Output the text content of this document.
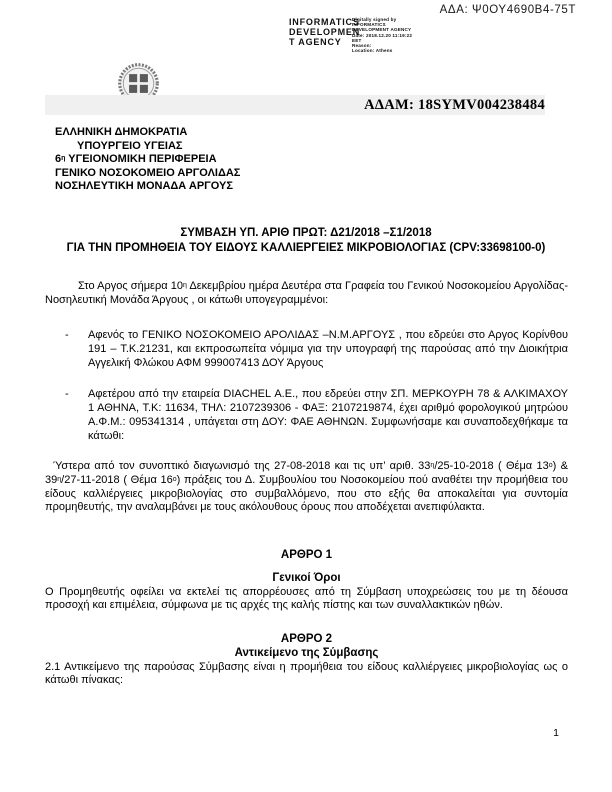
ΑΔΑ: Ψ0ΟΥ4690Β4-75Τ
INFORMATICS
DEVELOPMEN
T AGENCY
Digitally signed by
INFORMATICS
DEVELOPMENT AGENCY
Date: 2018.12.20 11:19:22
EET
Reason:
Location: Athens
ΑΔΑΜ: 18SYMV004238484
ΕΛΛΗΝΙΚΗ ΔΗΜΟΚΡΑΤΙΑ
ΥΠΟΥΡΓΕΙΟ ΥΓΕΙΑΣ
$6^\eta$ ΥΓΕΙΟΝΟΜΙΚΗ ΠΕΡΙΦΕΡΕΙΑ
ΓΕΝΙΚΟ ΝΟΣΟΚΟΜΕΙΟ ΑΡΓΟΛΙΔΑΣ
ΝΟΣΗΛΕΥΤΙΚΗ ΜΟΝΑΔΑ ΑΡΓΟΥΣ
ΣΥΜΒΑΣΗ ΥΠ. ΑΡΙΘ ΠΡΩΤ: Δ21/2018 –Σ1/2018
ΓΙΑ ΤΗΝ ΠΡΟΜΗΘΕΙΑ ΤΟΥ ΕΙΔΟΥΣ ΚΑΛΛΙΕΡΓΕΙΕΣ ΜΙΚΡΟΒΙΟΛΟΓΙΑΣ (CPV:33698100-0)
Στο Αργος σήμερα $10^\eta$ Δεκεμβρίου ημέρα Δευτέρα στα Γραφεία του Γενικού Νοσοκομείου Αργολίδας-Νοσηλευτική Μονάδα Άργους , οι κάτωθι υπογεγραμμένοι:
- Αφενός το ΓΕΝΙΚΟ ΝΟΣΟΚΟΜΕΙΟ ΑΡΟΛΙΔΑΣ –Ν.Μ.ΑΡΓΟΥΣ , που εδρεύει στο Αργος Κορίνθου 191 – Τ.Κ.21231, και εκπροσωπείτα νόμιμα για την υπογραφή της παρούσας από την Διοικήτρια Αγγελική Φλώκου ΑΦΜ 999007413 ΔΟΥ Άργους
- Αφετέρου από την εταιρεία DIACHEL Α.Ε., που εδρεύει στην ΣΠ. ΜΕΡΚΟΥΡΗ 78 & ΑΛΚΙΜΑΧΟΥ 1 ΑΘΗΝΑ, Τ.Κ: 11634, ΤΗΛ: 2107239306 - ΦΑΞ: 2107219874, έχει αριθμό φορολογικού μητρώου Α.Φ.Μ.: 095341314 , υπάγεται στη ΔΟΥ: ΦΑΕ ΑΘΗΝΩΝ. Συμφωνήσαμε και συναποδεχθήκαμε τα κάτωθι:
Ύστερα από τον συνοπτικό διαγωνισμό της 27-08-2018 και τις υπ’ αριθ. $33^\eta/25-10-2018$ ( Θέμα $13^o$) & $39^\eta/27-11-2018$ ( Θέμα $16^o$) πράξεις του Δ. Συμβουλίου του Νοσοκομείου πού αναθέτει την προμήθεια του είδους καλλιέργειες μικροβιολογίας στο συμβαλλόμενο, που στο εξής θα αποκαλείται για συντομία προμηθευτής, την αναλαμβάνει με τους ακόλουθους όρους που αποδέχεται ανεπιφύλακτα.
ΑΡΘΡΟ 1
Γενικοί Όροι
Ο Προμηθευτής οφείλει να εκτελεί τις απορρέουσες από τη Σύμβαση υποχρεώσεις του με τη δέουσα προσοχή και επιμέλεια, σύμφωνα με τις αρχές της καλής πίστης και των συναλλακτικών ηθών.
ΑΡΘΡΟ 2
Αντικείμενο της Σύμβασης
2.1 Αντικείμενο της παρούσας Σύμβασης είναι η προμήθεια του είδους καλλιέργειες μικροβιολογίας ως ο κάτωθι πίνακας:
1
